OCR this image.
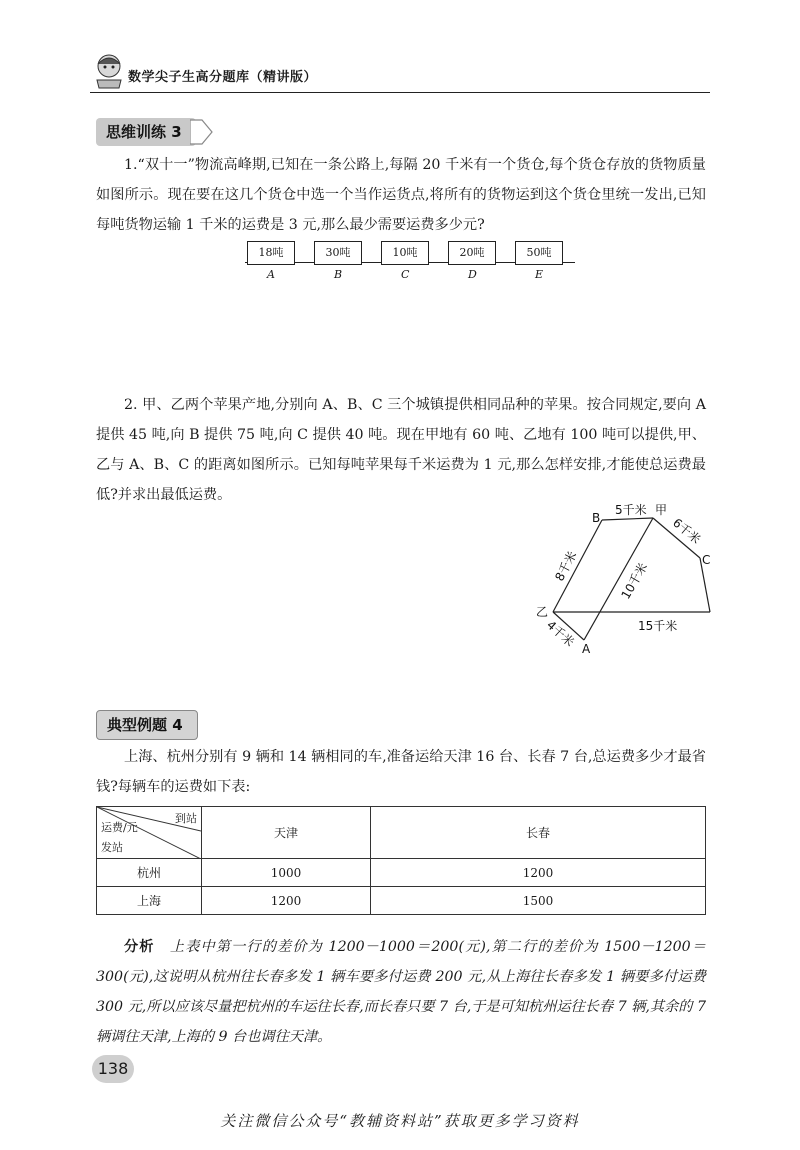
数学尖子生高分题库（精讲版）
思维训练 3
1.“双十一”物流高峰期,已知在一条公路上,每隔 20 千米有一个货仓,每个货仓存放的货物质量如图所示。现在要在这几个货仓中选一个当作运货点,将所有的货物运到这个货仓里统一发出,已知每吨货物运输 1 千米的运费是 3 元,那么最少需要运费多少元?
18吨	30吨	10吨	20吨	50吨
A	B	C	D	E
2. 甲、乙两个苹果产地,分别向 A、B、C 三个城镇提供相同品种的苹果。按合同规定,要向 A 提供 45 吨,向 B 提供 75 吨,向 C 提供 40 吨。现在甲地有 60 吨、乙地有 100 吨可以提供,甲、乙与 A、B、C 的距离如图所示。已知每吨苹果每千米运费为 1 元,那么怎样安排,才能使总运费最低?并求出最低运费。
B
甲
C
乙
A
5千米
6千米
8千米	10千米
15千米
4千米
典型例题 4
上海、杭州分别有 9 辆和 14 辆相同的车,准备运给天津 16 台、长春 7 台,总运费多少才最省钱?每辆车的运费如下表:
到站
运费/元
发站	天津	长春
杭州	1000	1200
上海	1200	1500
分析　 上表中第一行的差价为 1200－1000＝200(元),第二行的差价为 1500－1200＝300(元),这说明从杭州往长春多发 1 辆车要多付运费 200 元,从上海往长春多发 1 辆要多付运费 300 元,所以应该尽量把杭州的车运往长春,而长春只要 7 台,于是可知杭州运往长春 7 辆,其余的 7 辆调往天津,上海的 9 台也调往天津。
138
关注微信公众号“教辅资料站”获取更多学习资料
